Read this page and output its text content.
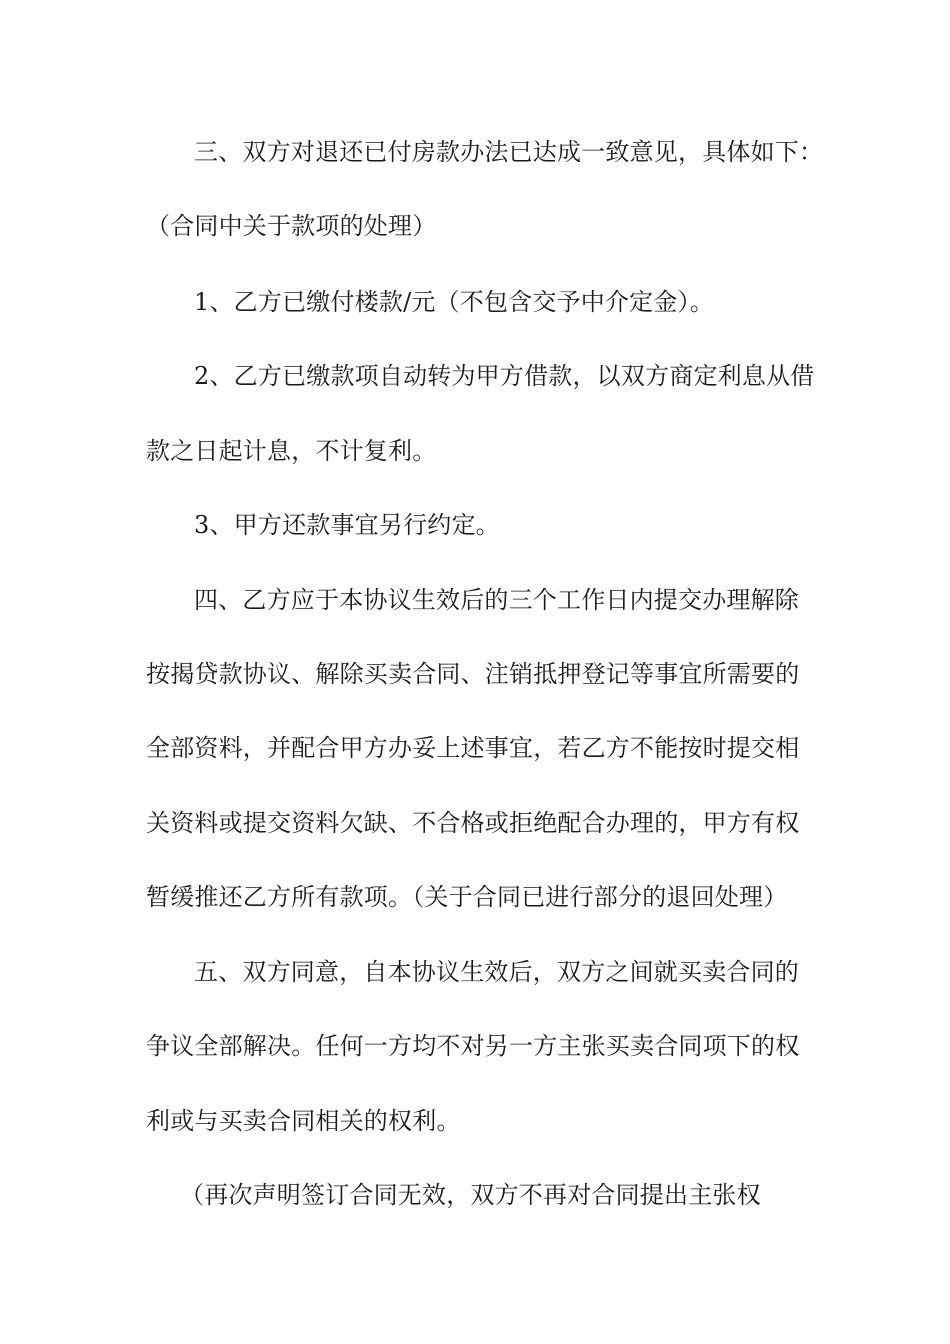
三、双方对退还已付房款办法已达成一致意见，具体如下：
（合同中关于款项的处理）
1、乙方已缴付楼款/元（不包含交予中介定金）。
2、乙方已缴款项自动转为甲方借款，以双方商定利息从借
款之日起计息，不计复利。
3、甲方还款事宜另行约定。
四、乙方应于本协议生效后的三个工作日内提交办理解除
按揭贷款协议、解除买卖合同、注销抵押登记等事宜所需要的
全部资料，并配合甲方办妥上述事宜，若乙方不能按时提交相
关资料或提交资料欠缺、不合格或拒绝配合办理的，甲方有权
暂缓推还乙方所有款项。（关于合同已进行部分的退回处理）
五、双方同意，自本协议生效后，双方之间就买卖合同的
争议全部解决。任何一方均不对另一方主张买卖合同项下的权
利或与买卖合同相关的权利。
（再次声明签订合同无效，双方不再对合同提出主张权
